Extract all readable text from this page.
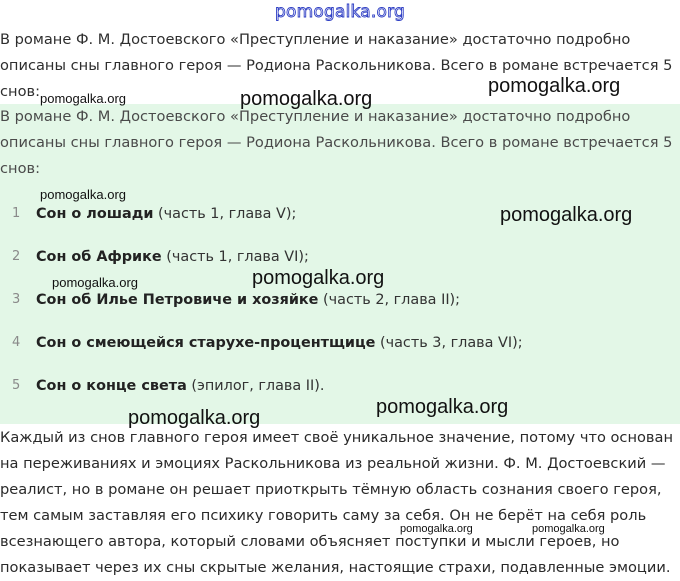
pomogalka.org

В романе Ф. М. Достоевского «Преступление и наказание» достаточно подробно описаны сны главного героя — Родиона Раскольникова. Всего в романе встречается 5 снов:

В романе Ф. М. Достоевского «Преступление и наказание» достаточно подробно описаны сны главного героя — Родиона Раскольникова. Всего в романе встречается 5 снов:

1 Сон о лошади (часть 1, глава V);
2 Сон об Африке (часть 1, глава VI);
3 Сон об Илье Петровиче и хозяйке (часть 2, глава II);
4 Сон о смеющейся старухе-процентщице (часть 3, глава VI);
5 Сон о конце света (эпилог, глава II).

Каждый из снов главного героя имеет своё уникальное значение, потому что основан на переживаниях и эмоциях Раскольникова из реальной жизни. Ф. М. Достоевский — реалист, но в романе он решает приоткрыть тёмную область сознания своего героя, тем самым заставляя его психику говорить саму за себя. Он не берёт на себя роль всезнающего автора, который словами объясняет поступки и мысли героев, но показывает через их сны скрытые желания, настоящие страхи, подавленные эмоции.

pomogalka.org	pomogalka.org
pomogalka.org
pomogalka.org
pomogalka.org
pomogalka.org	pomogalka.org
pomogalka.org	pomogalka.org
pomogalka.org	pomogalka.org
